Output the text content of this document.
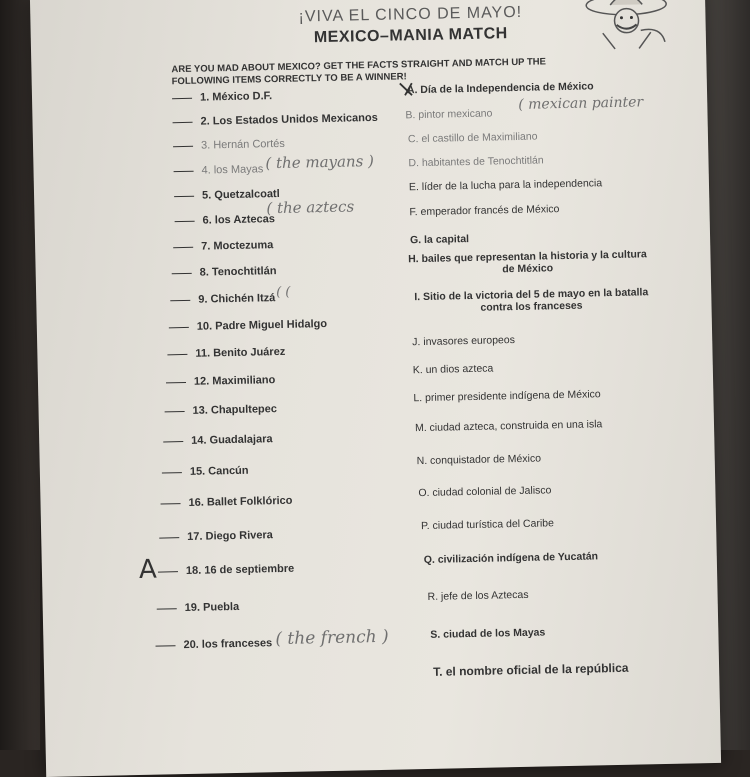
¡VIVA EL CINCO DE MAYO!
MEXICO–MANIA MATCH
ARE YOU MAD ABOUT MEXICO? GET THE FACTS STRAIGHT AND MATCH UP THE FOLLOWING ITEMS CORRECTLY TO BE A WINNER!
1. México D.F.
2. Los Estados Unidos Mexicanos
3. Hernán Cortés
4. los Mayas
5. Quetzalcoatl
6. los Aztecas
7. Moctezuma
8. Tenochtitlán
9. Chichén Itzá
10. Padre Miguel Hidalgo
11. Benito Juárez
12. Maximiliano
13. Chapultepec
14. Guadalajara
15. Cancún
16. Ballet Folklórico
17. Diego Rivera
18. 16 de septiembre
19. Puebla
20. los franceses
A. Día de la Independencia de México
B. pintor mexicano
C. el castillo de Maximiliano
D. habitantes de Tenochtitlán
E. líder de la lucha para la independencia
F. emperador francés de México
G. la capital
H. bailes que representan la historia y la cultura de México
I. Sitio de la victoria del 5 de mayo en la batalla contra los franceses
J. invasores europeos
K. un dios azteca
L. primer presidente indígena de México
M. ciudad azteca, construida en una isla
N. conquistador de México
O. ciudad colonial de Jalisco
P. ciudad turística del Caribe
Q. civilización indígena de Yucatán
R. jefe de los Aztecas
S. ciudad de los Mayas
T. el nombre oficial de la república
( the mayans )
( the aztecs
( (
( the french )
( mexican painter
A
